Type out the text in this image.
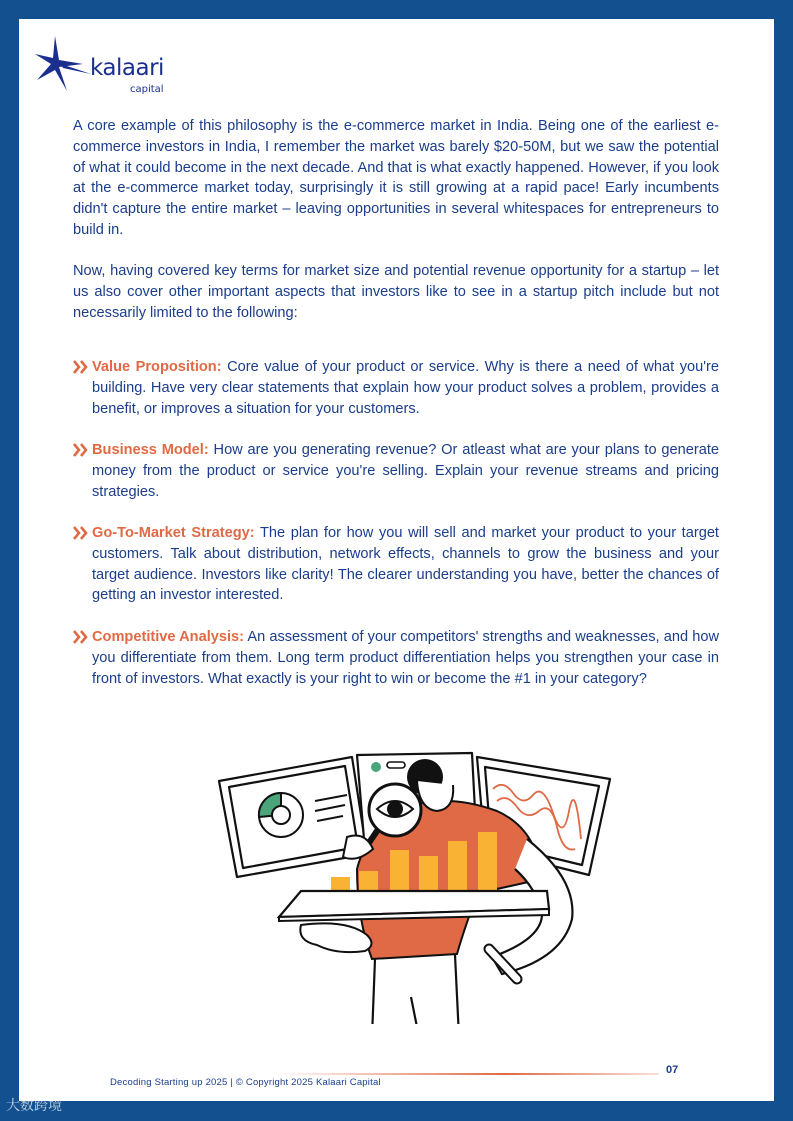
kalaari
capital

A core example of this philosophy is the e-commerce market in India. Being one of the earliest e-commerce investors in India, I remember the market was barely $20-50M, but we saw the potential of what it could become in the next decade. And that is what exactly happened. However, if you look at the e-commerce market today, surprisingly it is still growing at a rapid pace! Early incumbents didn't capture the entire market – leaving opportunities in several whitespaces for entrepreneurs to build in.

Now, having covered key terms for market size and potential revenue opportunity for a startup – let us also cover other important aspects that investors like to see in a startup pitch include but not necessarily limited to the following:

Value Proposition: Core value of your product or service. Why is there a need of what you're building. Have very clear statements that explain how your product solves a problem, provides a benefit, or improves a situation for your customers.

Business Model: How are you generating revenue? Or atleast what are your plans to generate money from the product or service you're selling. Explain your revenue streams and pricing strategies.

Go-To-Market Strategy: The plan for how you will sell and market your product to your target customers. Talk about distribution, network effects, channels to grow the business and your target audience. Investors like clarity! The clearer understanding you have, better the chances of getting an investor interested.

Competitive Analysis: An assessment of your competitors' strengths and weaknesses, and how you differentiate from them. Long term product differentiation helps you strengthen your case in front of investors. What exactly is your right to win or become the #1 in your category?

Decoding Starting up 2025 | © Copyright 2025 Kalaari Capital
07
大数跨境
